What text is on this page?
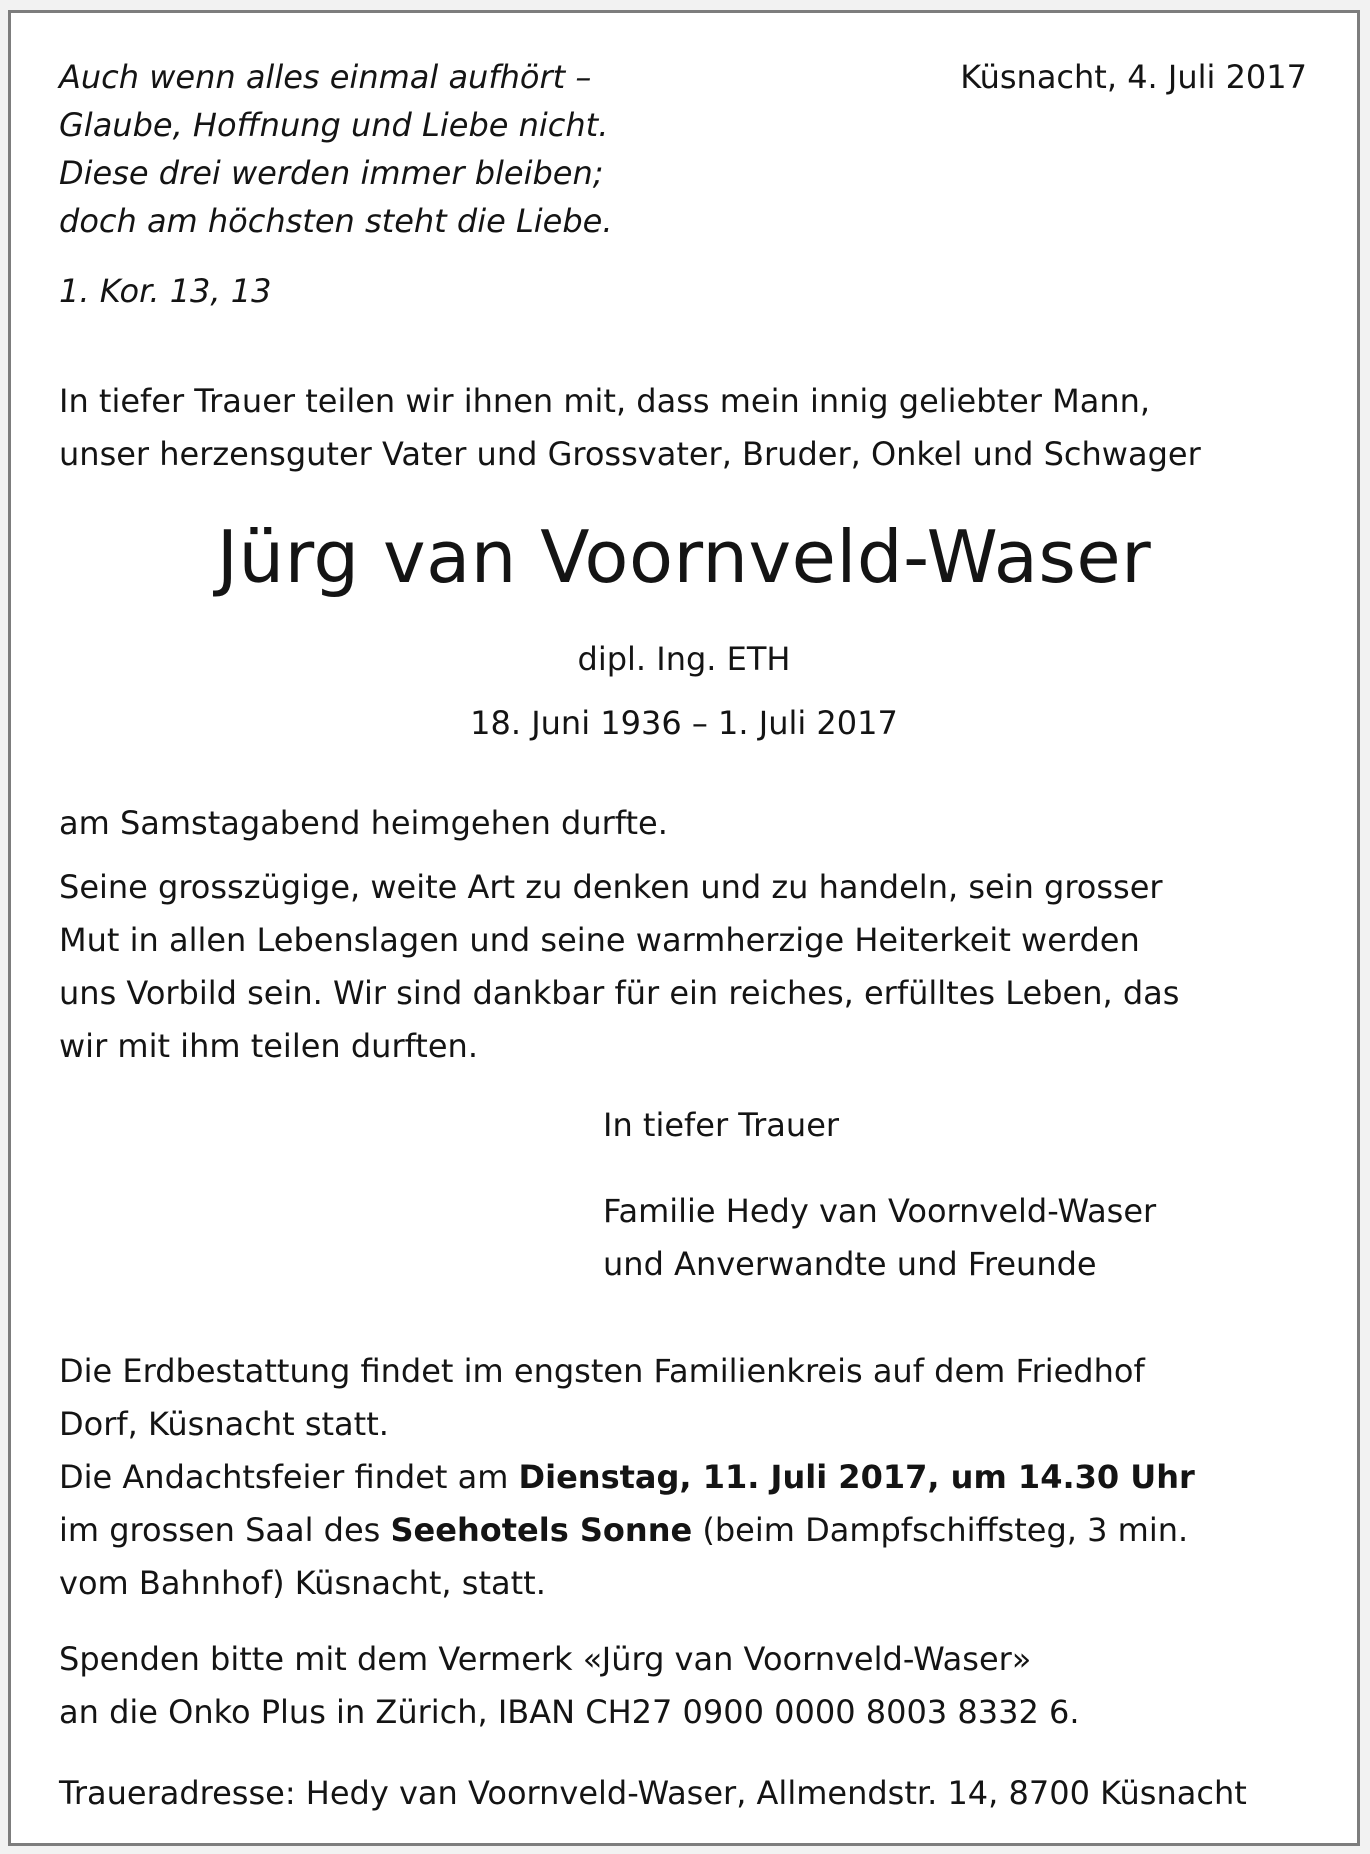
Auch wenn alles einmal aufhört –
Glaube, Hoffnung und Liebe nicht.
Diese drei werden immer bleiben;
doch am höchsten steht die Liebe.
1. Kor. 13, 13
Küsnacht, 4. Juli 2017
In tiefer Trauer teilen wir ihnen mit, dass mein innig geliebter Mann,
unser herzensguter Vater und Grossvater, Bruder, Onkel und Schwager
Jürg van Voornveld-Waser
dipl. Ing. ETH
18. Juni 1936 – 1. Juli 2017
am Samstagabend heimgehen durfte.
Seine grosszügige, weite Art zu denken und zu handeln, sein grosser
Mut in allen Lebenslagen und seine warmherzige Heiterkeit werden
uns Vorbild sein. Wir sind dankbar für ein reiches, erfülltes Leben, das
wir mit ihm teilen durften.
In tiefer Trauer
Familie Hedy van Voornveld-Waser
und Anverwandte und Freunde
Die Erdbestattung findet im engsten Familienkreis auf dem Friedhof
Dorf, Küsnacht statt.
Die Andachtsfeier findet am Dienstag, 11. Juli 2017, um 14.30 Uhr
im grossen Saal des Seehotels Sonne (beim Dampfschiffsteg, 3 min.
vom Bahnhof) Küsnacht, statt.
Spenden bitte mit dem Vermerk «Jürg van Voornveld-Waser»
an die Onko Plus in Zürich, IBAN CH27 0900 0000 8003 8332 6.
Traueradresse: Hedy van Voornveld-Waser, Allmendstr. 14, 8700 Küsnacht
